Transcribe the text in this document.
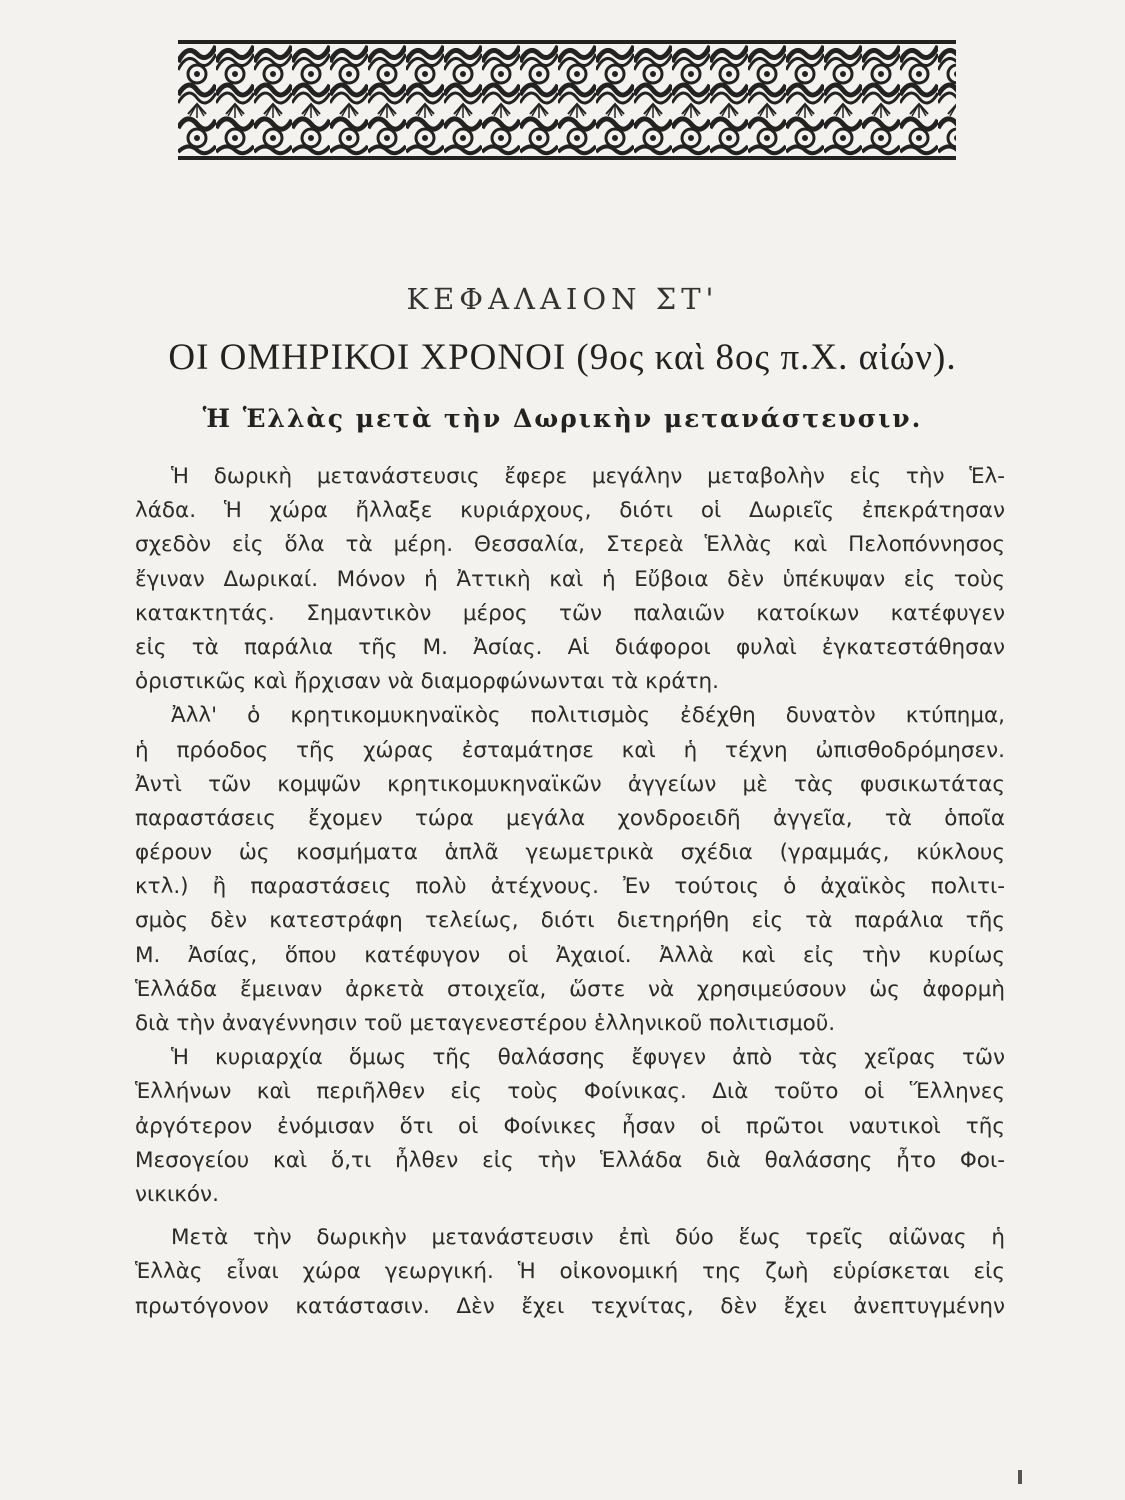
ΚΕΦΑΛΑΙΟΝ ΣΤ'
ΟΙ ΟΜΗΡΙΚΟΙ ΧΡΟΝΟΙ (9ος καὶ 8ος π.Χ. αἰών).
Ἡ Ἑλλὰς μετὰ τὴν Δωρικὴν μετανάστευσιν.
Ἡ δωρικὴ μετανάστευσις ἔφερε μεγάλην μεταβολὴν εἰς τὴν Ἑλ-
λάδα. Ἡ χώρα ἤλλαξε κυριάρχους, διότι οἱ Δωριεῖς ἐπεκράτησαν
σχεδὸν εἰς ὅλα τὰ μέρη. Θεσσαλία, Στερεὰ Ἑλλὰς καὶ Πελοπόννησος
ἔγιναν Δωρικαί. Μόνον ἡ Ἀττικὴ καὶ ἡ Εὔβοια δὲν ὑπέκυψαν εἰς τοὺς
κατακτητάς. Σημαντικὸν μέρος τῶν παλαιῶν κατοίκων κατέφυγεν
εἰς τὰ παράλια τῆς Μ. Ἀσίας. Αἱ διάφοροι φυλαὶ ἐγκατεστάθησαν
ὁριστικῶς καὶ ἤρχισαν νὰ διαμορφώνωνται τὰ κράτη.
Ἀλλ' ὁ κρητικομυκηναϊκὸς πολιτισμὸς ἐδέχθη δυνατὸν κτύπημα,
ἡ πρόοδος τῆς χώρας ἐσταμάτησε καὶ ἡ τέχνη ὠπισθοδρόμησεν.
Ἀντὶ τῶν κομψῶν κρητικομυκηναϊκῶν ἀγγείων μὲ τὰς φυσικωτάτας
παραστάσεις ἔχομεν τώρα μεγάλα χονδροειδῆ ἀγγεῖα, τὰ ὁποῖα
φέρουν ὡς κοσμήματα ἁπλᾶ γεωμετρικὰ σχέδια (γραμμάς, κύκλους
κτλ.) ἢ παραστάσεις πολὺ ἀτέχνους. Ἐν τούτοις ὁ ἀχαϊκὸς πολιτι-
σμὸς δὲν κατεστράφη τελείως, διότι διετηρήθη εἰς τὰ παράλια τῆς
Μ. Ἀσίας, ὅπου κατέφυγον οἱ Ἀχαιοί. Ἀλλὰ καὶ εἰς τὴν κυρίως
Ἑλλάδα ἔμειναν ἀρκετὰ στοιχεῖα, ὥστε νὰ χρησιμεύσουν ὡς ἀφορμὴ
διὰ τὴν ἀναγέννησιν τοῦ μεταγενεστέρου ἑλληνικοῦ πολιτισμοῦ.
Ἡ κυριαρχία ὅμως τῆς θαλάσσης ἔφυγεν ἀπὸ τὰς χεῖρας τῶν
Ἑλλήνων καὶ περιῆλθεν εἰς τοὺς Φοίνικας. Διὰ τοῦτο οἱ Ἕλληνες
ἀργότερον ἐνόμισαν ὅτι οἱ Φοίνικες ἦσαν οἱ πρῶτοι ναυτικοὶ τῆς
Μεσογείου καὶ ὅ,τι ἦλθεν εἰς τὴν Ἑλλάδα διὰ θαλάσσης ἦτο Φοι-
νικικόν.
Μετὰ τὴν δωρικὴν μετανάστευσιν ἐπὶ δύο ἕως τρεῖς αἰῶνας ἡ
Ἑλλὰς εἶναι χώρα γεωργική. Ἡ οἰκονομική της ζωὴ εὑρίσκεται εἰς
πρωτόγονον κατάστασιν. Δὲν ἔχει τεχνίτας, δὲν ἔχει ἀνεπτυγμένην
